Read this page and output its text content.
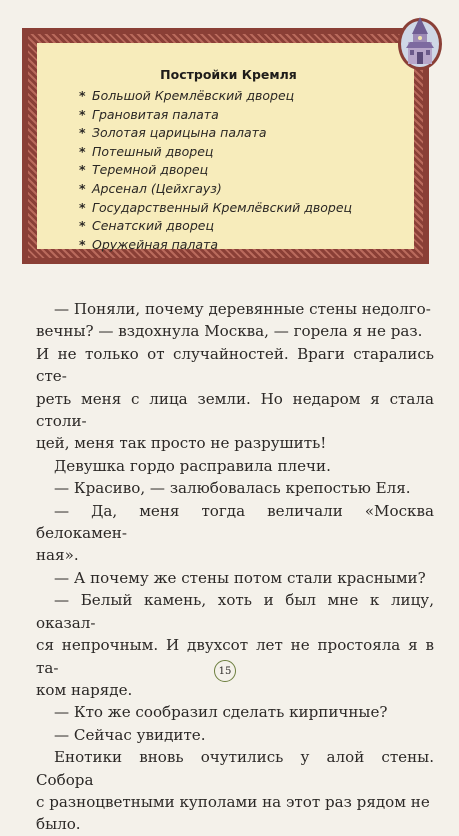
Постройки Кремля
* Большой Кремлёвский дворец
* Грановитая палата
* Золотая царицына палата
* Потешный дворец
* Теремной дворец
* Арсенал (Цейхгауз)
* Государственный Кремлёвский дворец
* Сенатский дворец
* Оружейная палата

— Поняли, почему деревянные стены недолго-

вечны? — вздохнула Москва, — горела я не раз.

И не только от случайностей. Враги старались сте-

реть меня с лица земли. Но недаром я стала столи-

цей, меня так просто не разрушить!

Девушка гордо расправила плечи.

— Красиво, — залюбовалась крепостью Еля.

— Да, меня тогда величали «Москва белокамен-

ная».

— А почему же стены потом стали красными?

— Белый камень, хоть и был мне к лицу, оказал-

ся непрочным. И двухсот лет не простояла я в та-

ком наряде.

— Кто же сообразил сделать кирпичные?

— Сейчас увидите.

Енотики вновь очутились у алой стены. Собора

с разноцветными куполами на этот раз рядом не

было.

15
